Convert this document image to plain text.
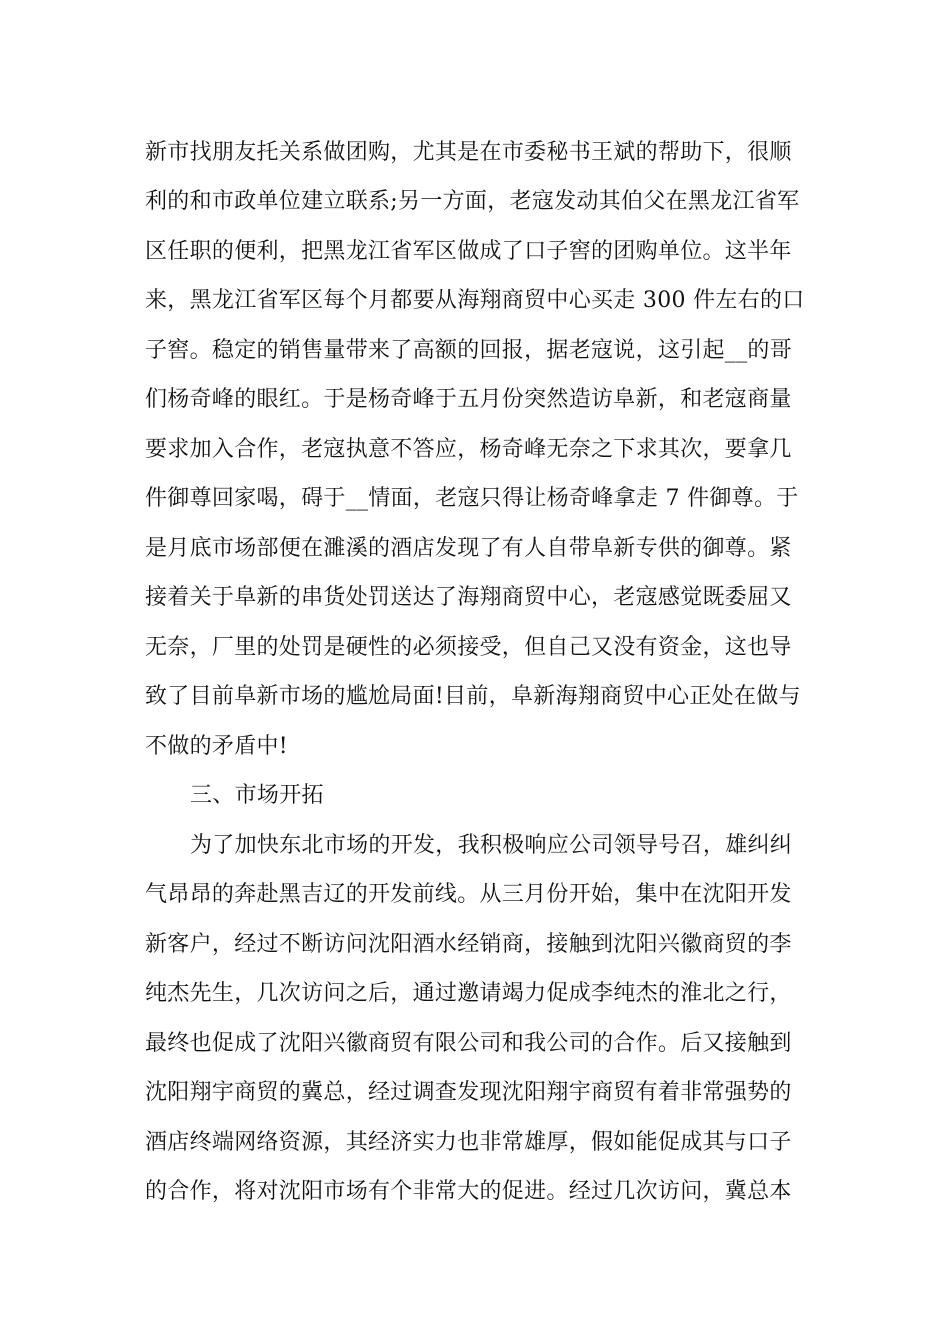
新市找朋友托关系做团购，尤其是在市委秘书王斌的帮助下，很顺
利的和市政单位建立联系;另一方面，老寇发动其伯父在黑龙江省军
区任职的便利，把黑龙江省军区做成了口子窖的团购单位。这半年
来，黑龙江省军区每个月都要从海翔商贸中心买走 300 件左右的口
子窖。稳定的销售量带来了高额的回报，据老寇说，这引起__的哥
们杨奇峰的眼红。于是杨奇峰于五月份突然造访阜新，和老寇商量
要求加入合作，老寇执意不答应，杨奇峰无奈之下求其次，要拿几
件御尊回家喝，碍于__情面，老寇只得让杨奇峰拿走 7 件御尊。于
是月底市场部便在濉溪的酒店发现了有人自带阜新专供的御尊。紧
接着关于阜新的串货处罚送达了海翔商贸中心，老寇感觉既委屈又
无奈，厂里的处罚是硬性的必须接受，但自己又没有资金，这也导
致了目前阜新市场的尴尬局面!目前，阜新海翔商贸中心正处在做与
不做的矛盾中!
三、市场开拓
为了加快东北市场的开发，我积极响应公司领导号召，雄纠纠
气昂昂的奔赴黑吉辽的开发前线。从三月份开始，集中在沈阳开发
新客户，经过不断访问沈阳酒水经销商，接触到沈阳兴徽商贸的李
纯杰先生，几次访问之后，通过邀请竭力促成李纯杰的淮北之行，
最终也促成了沈阳兴徽商贸有限公司和我公司的合作。后又接触到
沈阳翔宇商贸的冀总，经过调查发现沈阳翔宇商贸有着非常强势的
酒店终端网络资源，其经济实力也非常雄厚，假如能促成其与口子
的合作，将对沈阳市场有个非常大的促进。经过几次访问，冀总本
